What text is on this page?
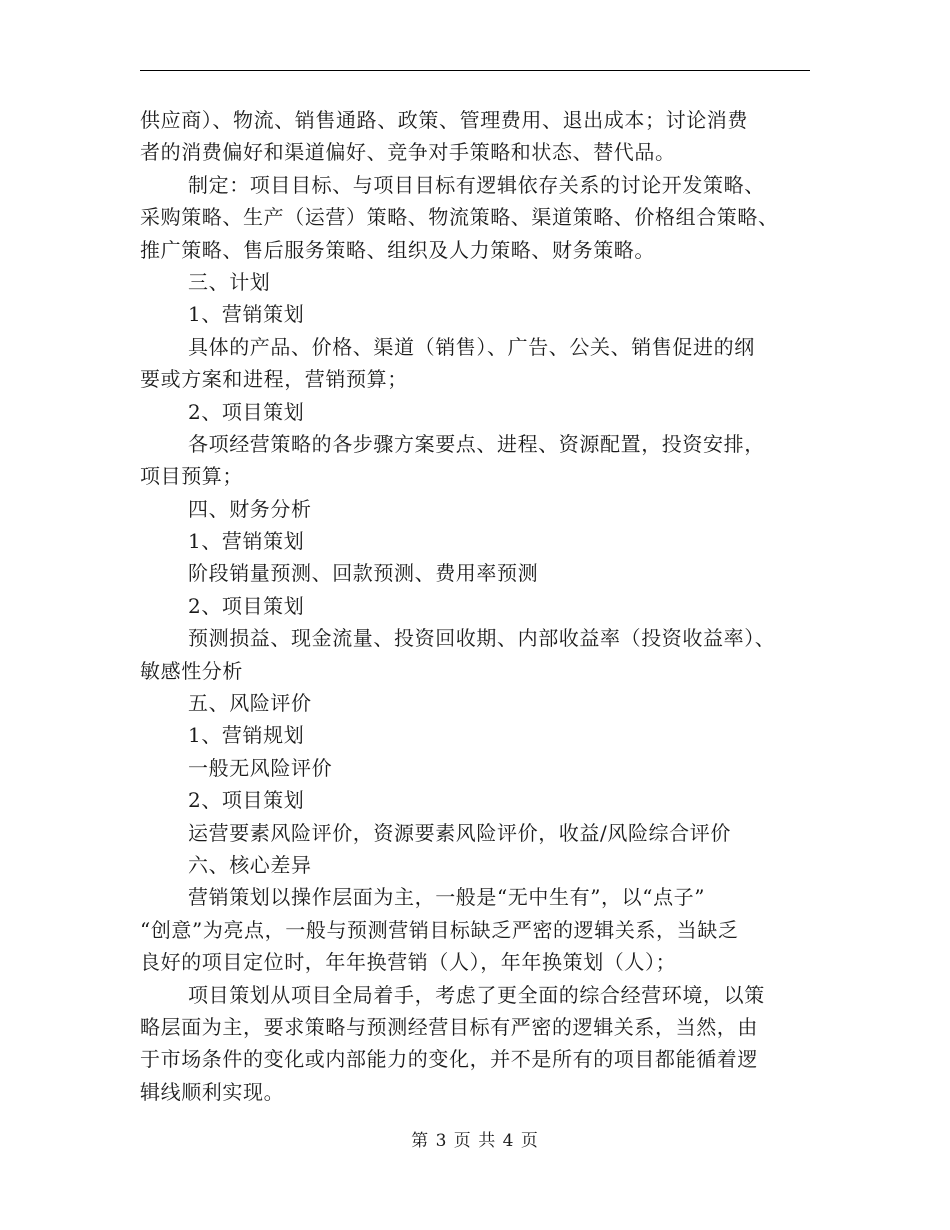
供应商）、物流、销售通路、政策、管理费用、退出成本；讨论消费
者的消费偏好和渠道偏好、竞争对手策略和状态、替代品。
制定：项目目标、与项目目标有逻辑依存关系的讨论开发策略、
采购策略、生产（运营）策略、物流策略、渠道策略、价格组合策略、
推广策略、售后服务策略、组织及人力策略、财务策略。
三、计划
1、营销策划
具体的产品、价格、渠道（销售）、广告、公关、销售促进的纲
要或方案和进程，营销预算；
2、项目策划
各项经营策略的各步骤方案要点、进程、资源配置，投资安排，
项目预算；
四、财务分析
1、营销策划
阶段销量预测、回款预测、费用率预测
2、项目策划
预测损益、现金流量、投资回收期、内部收益率（投资收益率）、
敏感性分析
五、风险评价
1、营销规划
一般无风险评价
2、项目策划
运营要素风险评价，资源要素风险评价，收益/风险综合评价
六、核心差异
营销策划以操作层面为主，一般是“无中生有”，以“点子”
“创意”为亮点，一般与预测营销目标缺乏严密的逻辑关系，当缺乏
良好的项目定位时，年年换营销（人），年年换策划（人）；
项目策划从项目全局着手，考虑了更全面的综合经营环境，以策
略层面为主，要求策略与预测经营目标有严密的逻辑关系，当然，由
于市场条件的变化或内部能力的变化，并不是所有的项目都能循着逻
辑线顺利实现。
第 3 页 共 4 页
